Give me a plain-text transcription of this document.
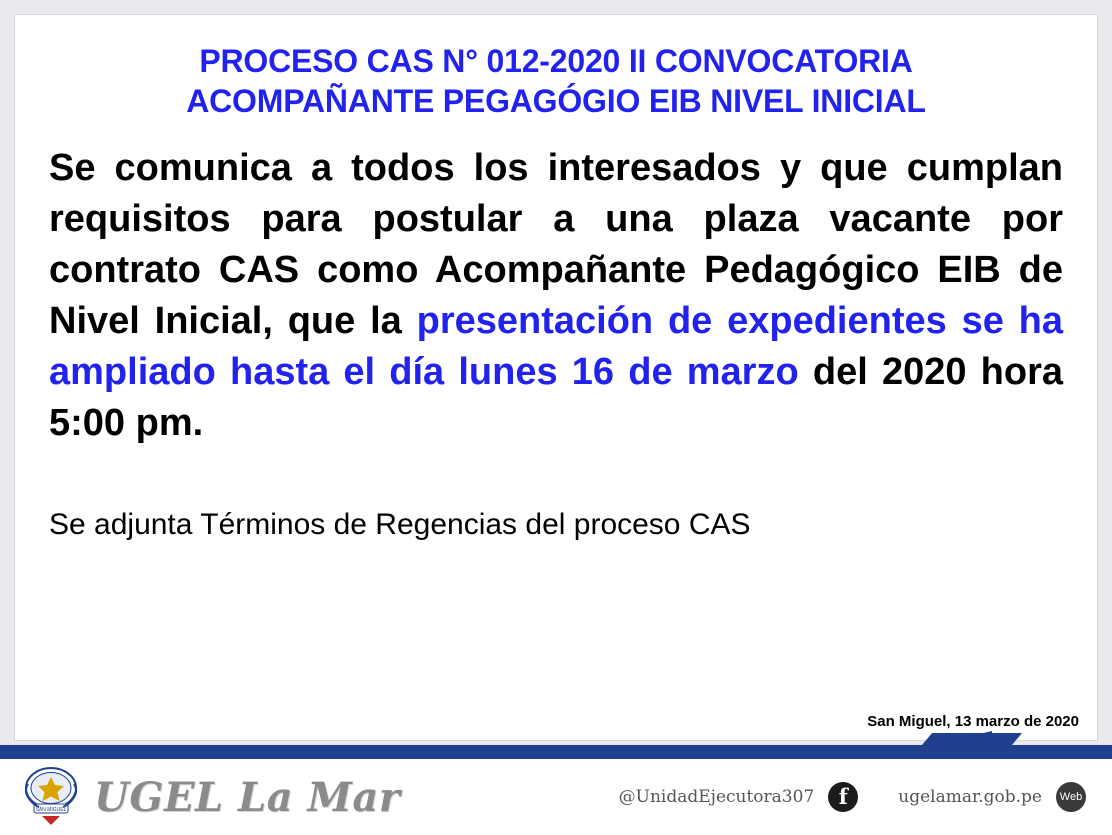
PROCESO CAS N° 012-2020 II CONVOCATORIA
ACOMPAÑANTE PEGAGÓGIO EIB NIVEL INICIAL

Se comunica a todos los interesados y que cumplan requisitos para postular a una plaza vacante por contrato CAS como Acompañante Pedagógico EIB de Nivel Inicial, que la presentación de expedientes se ha ampliado hasta el día lunes 16 de marzo del 2020 hora 5:00 pm.

Se adjunta Términos de Regencias del proceso CAS

San Miguel, 13 marzo de 2020
SAN MIGUEL UGEL La Mar	@UnidadEjecutora307	f	ugelamar.gob.pe	Web
